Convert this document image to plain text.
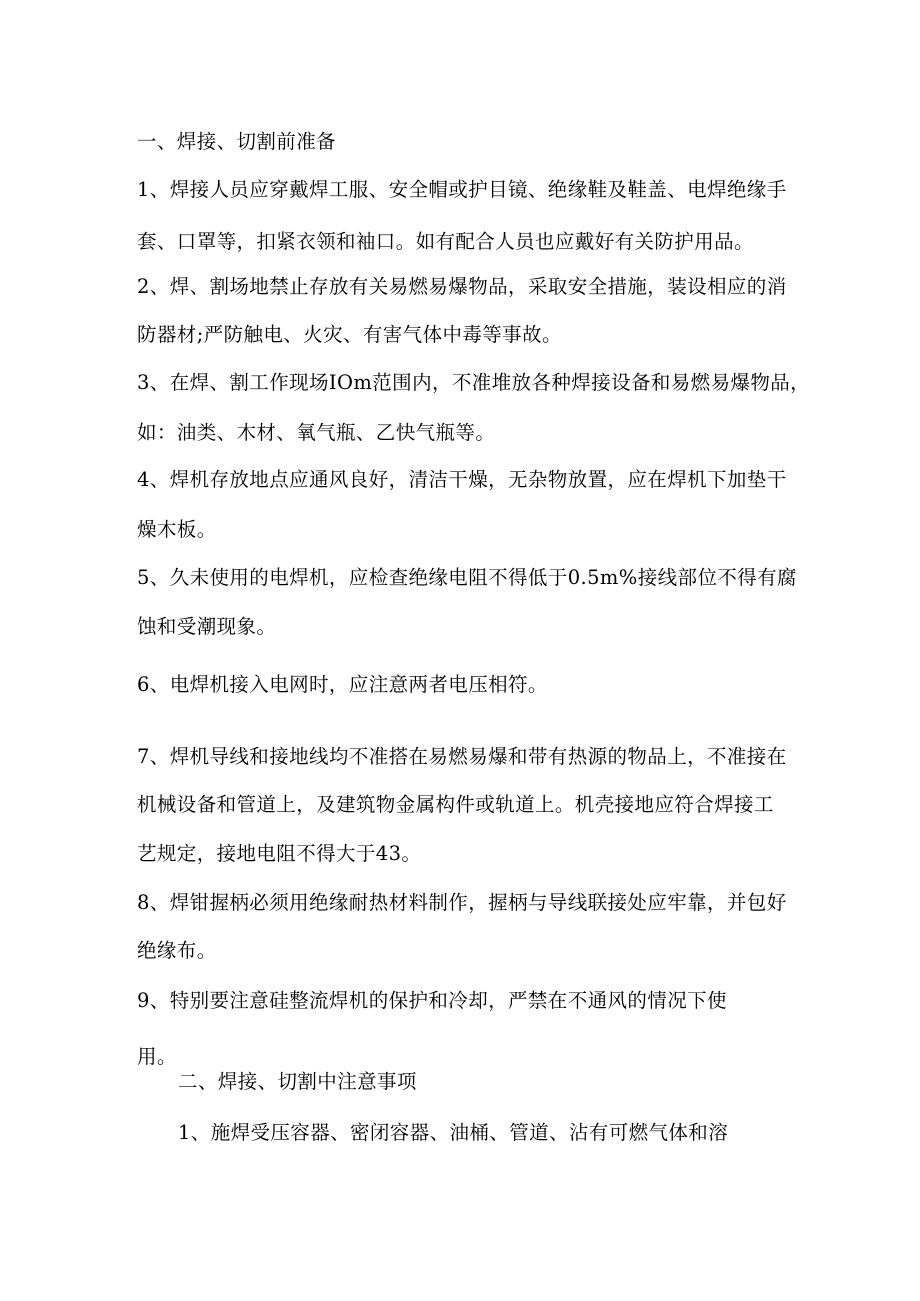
一、焊接、切割前准备
1、焊接人员应穿戴焊工服、安全帽或护目镜、绝缘鞋及鞋盖、电焊绝缘手
套、口罩等，扣紧衣领和袖口。如有配合人员也应戴好有关防护用品。
2、焊、割场地禁止存放有关易燃易爆物品，采取安全措施，装设相应的消
防器材;严防触电、火灾、有害气体中毒等事故。
3、在焊、割工作现场IOm范围内，不准堆放各种焊接设备和易燃易爆物品，
如：油类、木材、氧气瓶、乙快气瓶等。
4、焊机存放地点应通风良好，清洁干燥，无杂物放置，应在焊机下加垫干
燥木板。
5、久未使用的电焊机，应检查绝缘电阻不得低于0.5m%接线部位不得有腐
蚀和受潮现象。
6、电焊机接入电网时，应注意两者电压相符。
7、焊机导线和接地线均不准搭在易燃易爆和带有热源的物品上，不准接在
机械设备和管道上，及建筑物金属构件或轨道上。机壳接地应符合焊接工
艺规定，接地电阻不得大于43。
8、焊钳握柄必须用绝缘耐热材料制作，握柄与导线联接处应牢靠，并包好
绝缘布。
9、特别要注意硅整流焊机的保护和冷却，严禁在不通风的情况下使
用。
二、焊接、切割中注意事项
1、施焊受压容器、密闭容器、油桶、管道、沾有可燃气体和溶
